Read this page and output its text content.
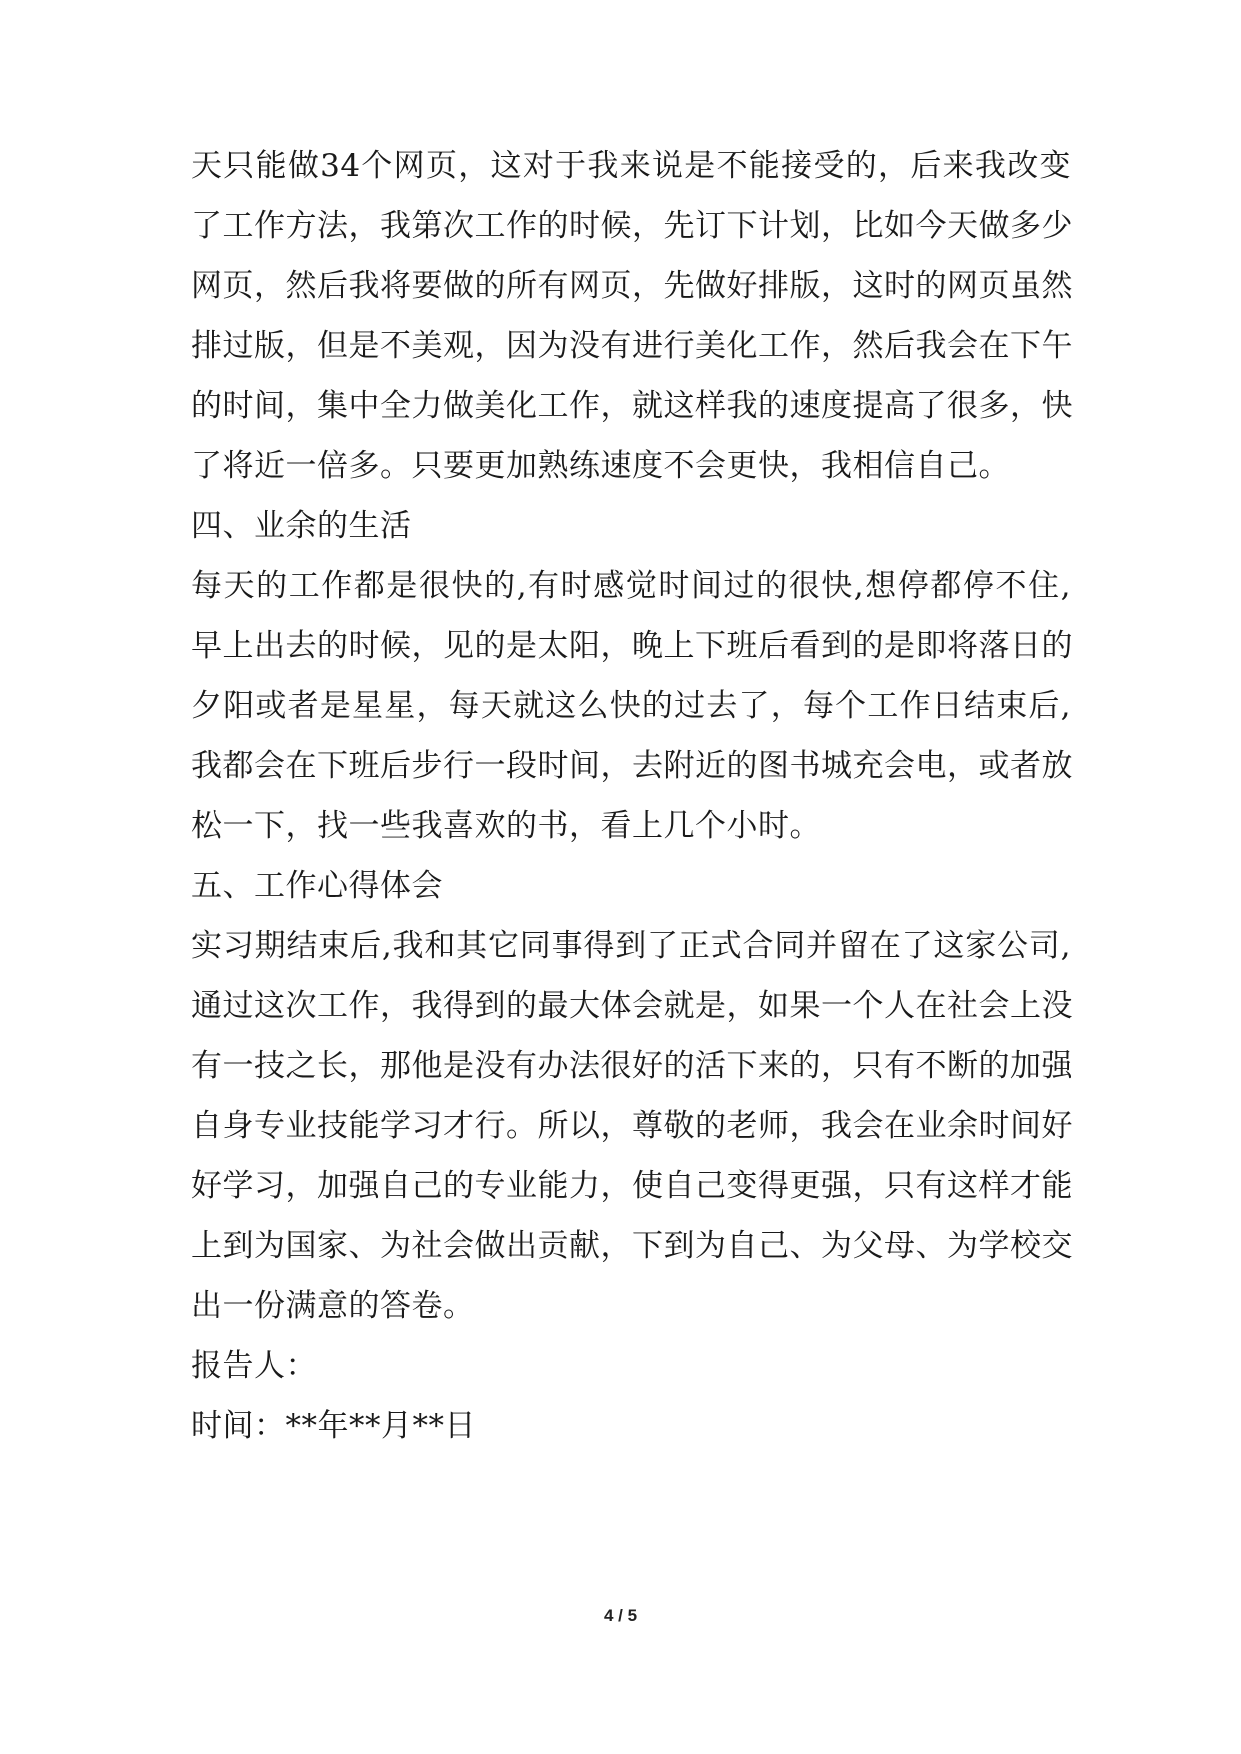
天只能做34个网页，这对于我来说是不能接受的，后来我改变
了工作方法，我第次工作的时候，先订下计划，比如今天做多少
网页，然后我将要做的所有网页，先做好排版，这时的网页虽然
排过版，但是不美观，因为没有进行美化工作，然后我会在下午
的时间，集中全力做美化工作，就这样我的速度提高了很多，快
了将近一倍多。只要更加熟练速度不会更快，我相信自己。
四、业余的生活
每天的工作都是很快的,有时感觉时间过的很快,想停都停不住,
早上出去的时候，见的是太阳，晚上下班后看到的是即将落日的
夕阳或者是星星，每天就这么快的过去了，每个工作日结束后,
我都会在下班后步行一段时间，去附近的图书城充会电，或者放
松一下，找一些我喜欢的书，看上几个小时。
五、工作心得体会
实习期结束后,我和其它同事得到了正式合同并留在了这家公司,
通过这次工作，我得到的最大体会就是，如果一个人在社会上没
有一技之长，那他是没有办法很好的活下来的，只有不断的加强
自身专业技能学习才行。所以，尊敬的老师，我会在业余时间好
好学习，加强自己的专业能力，使自己变得更强，只有这样才能
上到为国家、为社会做出贡献，下到为自己、为父母、为学校交
出一份满意的答卷。
报告人：
时间：**年**月**日
4 / 5
